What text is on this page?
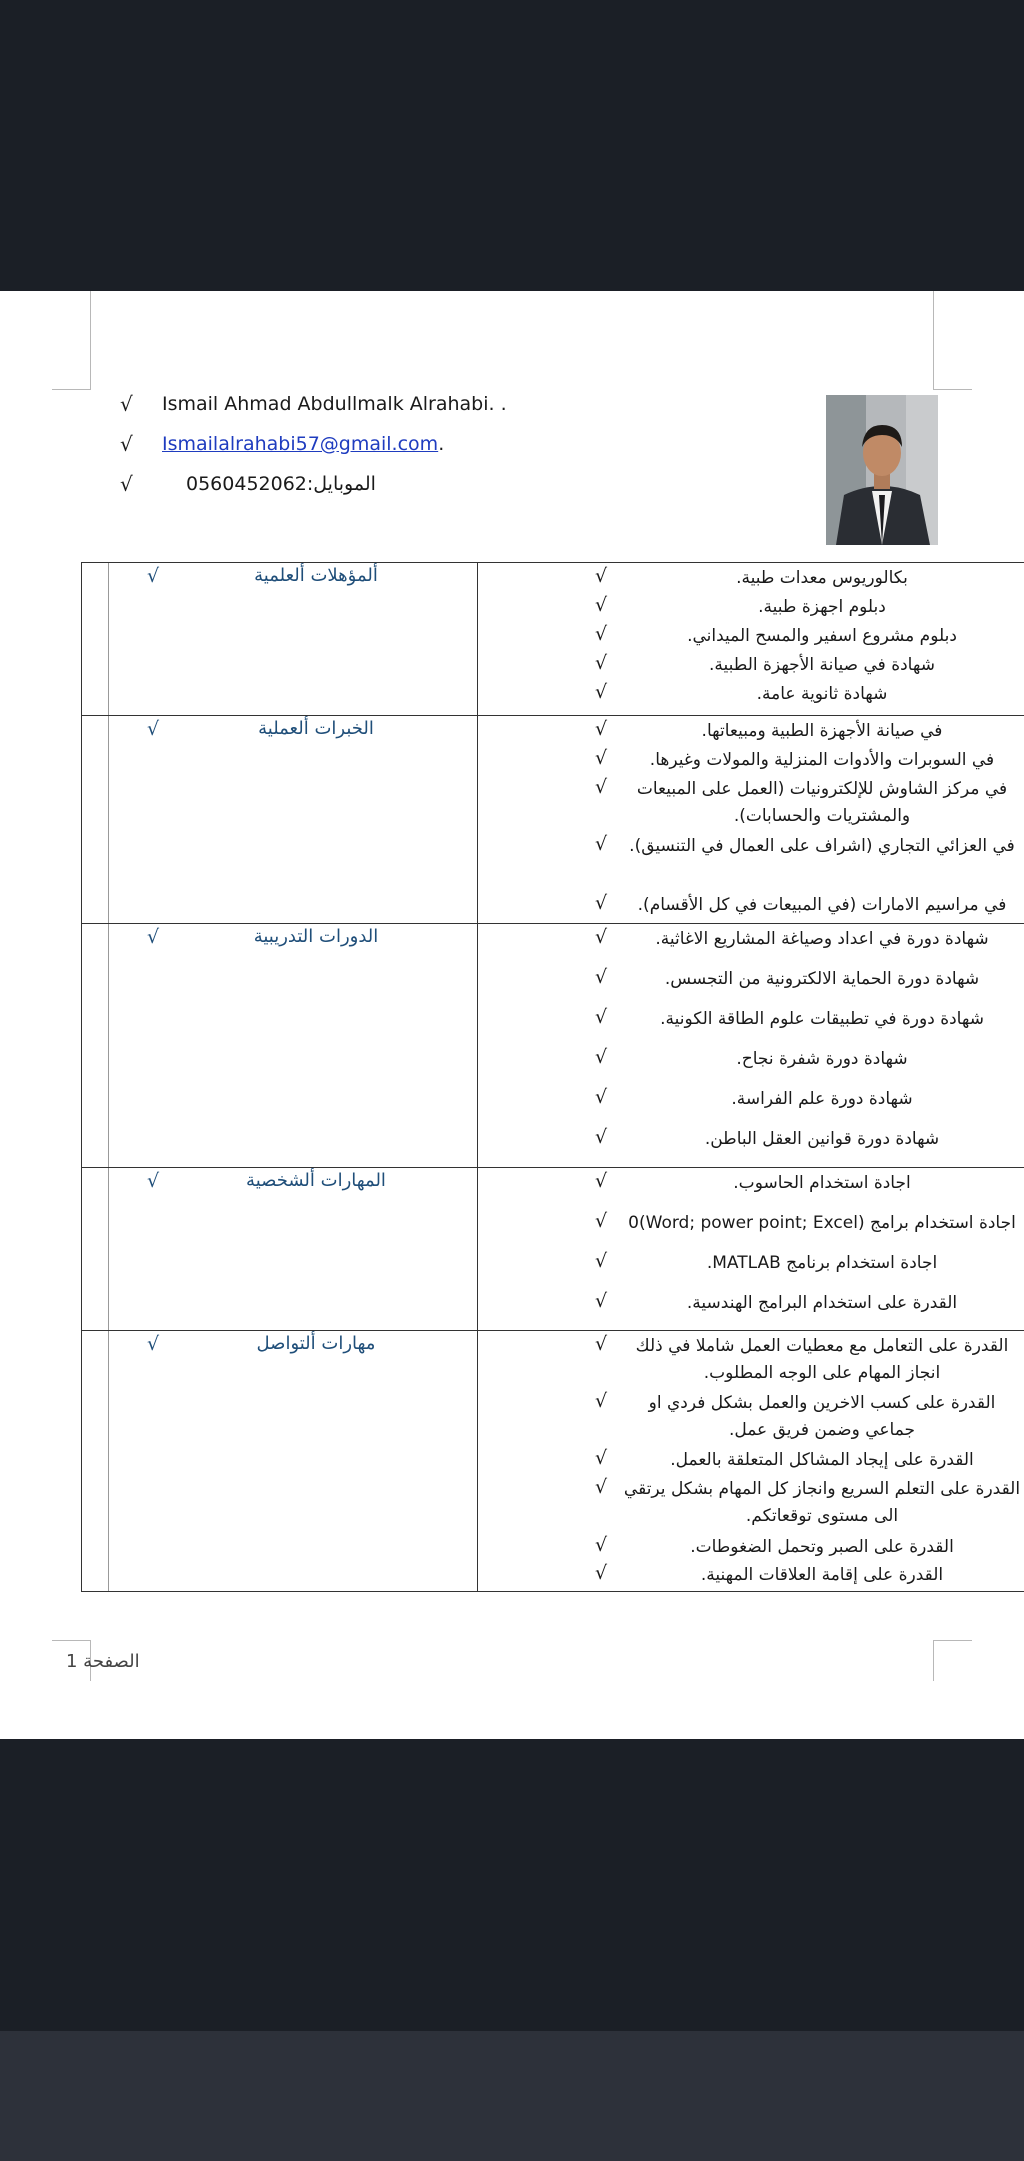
الصفحة 1
√	Ismail Ahmad Abdullmalk Alrahabi. .
√	Ismailalrahabi57@gmail.com .
√	الموبايل:0560452062
√	ألمؤهلات ألعلمية	√	بكالوريوس معدات طبية.
√	دبلوم اجهزة طبية.
√	دبلوم مشروع اسفير والمسح الميداني.
√	شهادة في صيانة الأجهزة الطبية.
√	شهادة ثانوية عامة.
√	الخبرات ألعملية	√	في صيانة الأجهزة الطبية ومبيعاتها.
√	في السوبرات والأدوات المنزلية والمولات وغيرها.
√	في مركز الشاوش للإلكترونيات (العمل على المبيعات والمشتريات والحسابات).
√	في العزائي التجاري (اشراف على العمال في التنسيق).
√	في مراسيم الامارات (في المبيعات في كل الأقسام).
√	الدورات التدريبية	√	شهادة دورة في اعداد وصياغة المشاريع الاغاثية.
√	شهادة دورة الحماية الالكترونية من التجسس.
√	شهادة دورة في تطبيقات علوم الطاقة الكونية.
√	شهادة دورة شفرة نجاح.
√	شهادة دورة علم الفراسة.
√	شهادة دورة قوانين العقل الباطن.
√	المهارات ألشخصية	√	اجادة استخدام الحاسوب.
√	اجادة استخدام برامج (Word; power point; Excel)0
√	اجادة استخدام برنامج MATLAB.
√	القدرة على استخدام البرامج الهندسية.
√	مهارات ألتواصل	√	القدرة على التعامل مع معطيات العمل شاملا في ذلك انجاز المهام على الوجه المطلوب.
√	القدرة على كسب الاخرين والعمل بشكل فردي او جماعي وضمن فريق عمل.
√	القدرة على إيجاد المشاكل المتعلقة بالعمل.
√ القدرة على التعلم السريع وانجاز كل المهام بشكل يرتقي الى مستوى توقعاتكم.
√	القدرة على الصبر وتحمل الضغوطات.
√	القدرة على إقامة العلاقات المهنية.
